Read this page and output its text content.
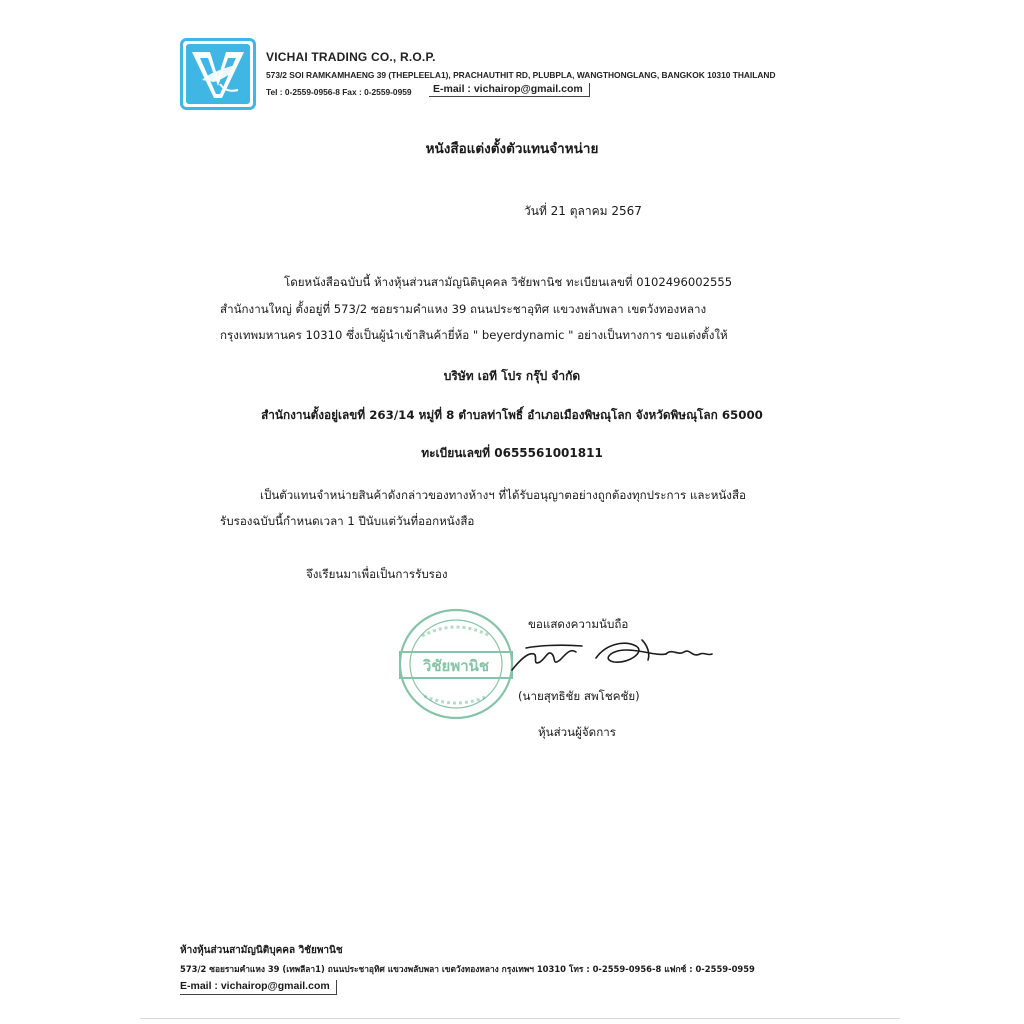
VICHAI TRADING CO., R.O.P.
573/2 SOI RAMKAMHAENG 39 (THEPLEELA1), PRACHAUTHIT RD, PLUBPLA, WANGTHONGLANG, BANGKOK 10310 THAILAND
Tel : 0-2559-0956-8 Fax : 0-2559-0959	E-mail : vichairop@gmail.com
หนังสือแต่งตั้งตัวแทนจำหน่าย
วันที่ 21 ตุลาคม 2567
โดยหนังสือฉบับนี้ ห้างหุ้นส่วนสามัญนิติบุคคล วิชัยพานิช ทะเบียนเลขที่ 0102496002555
สำนักงานใหญ่ ตั้งอยู่ที่ 573/2 ซอยรามคำแหง 39 ถนนประชาอุทิศ แขวงพลับพลา เขตวังทองหลาง
กรุงเทพมหานคร 10310 ซึ่งเป็นผู้นำเข้าสินค้ายี่ห้อ " beyerdynamic " อย่างเป็นทางการ ขอแต่งตั้งให้
บริษัท เอที โปร กรุ๊ป จำกัด
สำนักงานตั้งอยู่เลขที่ 263/14 หมู่ที่ 8 ตำบลท่าโพธิ์ อำเภอเมืองพิษณุโลก จังหวัดพิษณุโลก 65000
ทะเบียนเลขที่ 0655561001811
เป็นตัวแทนจำหน่ายสินค้าดังกล่าวของทางห้างฯ ที่ได้รับอนุญาตอย่างถูกต้องทุกประการ และหนังสือ
รับรองฉบับนี้กำหนดเวลา 1 ปีนับแต่วันที่ออกหนังสือ
จึงเรียนมาเพื่อเป็นการรับรอง
ขอแสดงความนับถือ
วิชัยพานิช
(นายสุทธิชัย สพโชคชัย)
หุ้นส่วนผู้จัดการ
ห้างหุ้นส่วนสามัญนิติบุคคล วิชัยพานิช
573/2 ซอยรามคำแหง 39 (เทพลีลา1) ถนนประชาอุทิศ แขวงพลับพลา เขตวังทองหลาง กรุงเทพฯ 10310 โทร : 0-2559-0956-8 แฟกซ์ : 0-2559-0959
E-mail : vichairop@gmail.com
